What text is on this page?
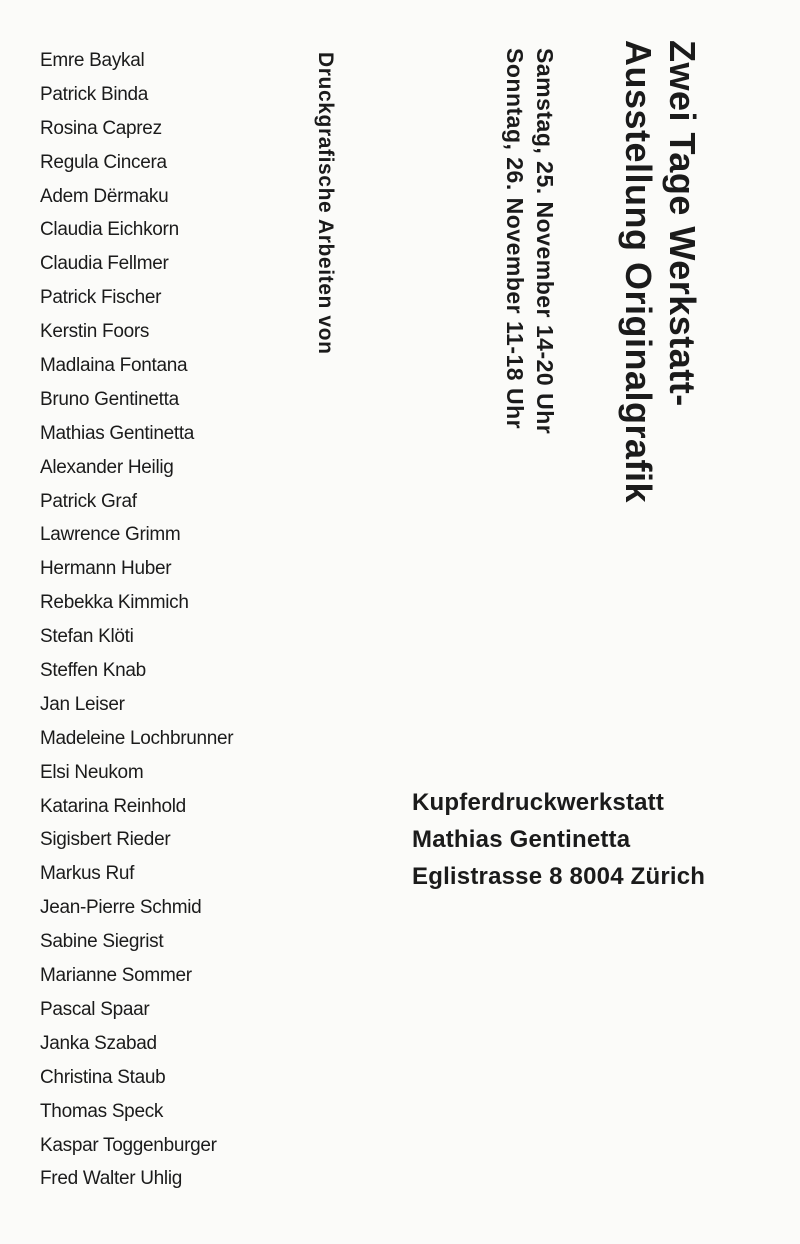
Emre Baykal
Patrick Binda
Rosina Caprez
Regula Cincera
Adem Dërmaku
Claudia Eichkorn
Claudia Fellmer
Patrick Fischer
Kerstin Foors
Madlaina Fontana
Bruno Gentinetta
Mathias Gentinetta
Alexander Heilig
Patrick Graf
Lawrence Grimm
Hermann Huber
Rebekka Kimmich
Stefan Klöti
Steffen Knab
Jan Leiser
Madeleine Lochbrunner
Elsi Neukom
Katarina Reinhold
Sigisbert Rieder
Markus Ruf
Jean-Pierre Schmid
Sabine Siegrist
Marianne Sommer
Pascal Spaar
Janka Szabad
Christina Staub
Thomas Speck
Kaspar Toggenburger
Fred Walter Uhlig
Zwei Tage Werkstatt-
Ausstellung Originalgrafik
Samstag, 25. November 14-20 Uhr
Sonntag, 26. November 11-18 Uhr
Druckgrafische Arbeiten von
Kupferdruckwerkstatt
Mathias Gentinetta
Eglistrasse 8 8004 Zürich
